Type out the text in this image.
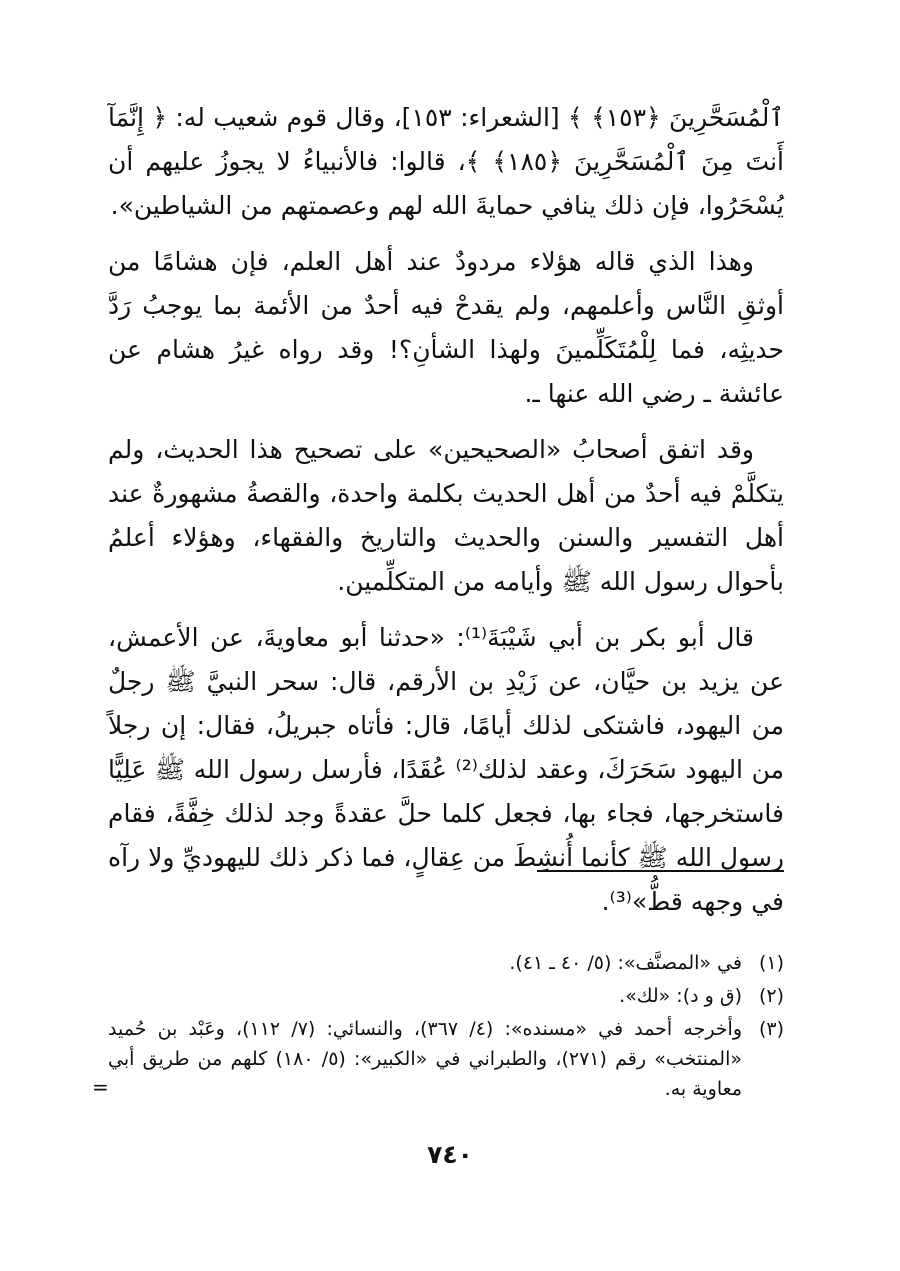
ٱلْمُسَحَّرِينَ ﴿١٥٣﴾ ﴾ [الشعراء: ١٥٣]، وقال قوم شعيب له: ﴿ إِنَّمَآ أَنتَ مِنَ ٱلْمُسَحَّرِينَ ﴿١٨٥﴾ ﴾، قالوا: فالأنبياءُ لا يجوزُ عليهم أن يُسْحَرُوا، فإن ذلك ينافي حمايةَ الله لهم وعصمتهم من الشياطين».

وهذا الذي قاله هؤلاء مردودٌ عند أهل العلم، فإن هشامًا من أوثقِ النَّاس وأعلمهم، ولم يقدحْ فيه أحدٌ من الأئمة بما يوجبُ رَدَّ حديثِه، فما لِلْمُتَكَلِّمينَ ولهذا الشأنِ؟! وقد رواه غيرُ هشام عن عائشة ـ رضي الله عنها ـ.

وقد اتفق أصحابُ «الصحيحين» على تصحيح هذا الحديث، ولم يتكلَّمْ فيه أحدٌ من أهل الحديث بكلمة واحدة، والقصةُ مشهورةٌ عند أهل التفسير والسنن والحديث والتاريخ والفقهاء، وهؤلاء أعلمُ بأحوال رسول الله ﷺ وأيامه من المتكلِّمين.

قال أبو بكر بن أبي شَيْبَةَ⁽¹⁾: «حدثنا أبو معاويةَ، عن الأعمش، عن يزيد بن حيَّان، عن زَيْدِ بن الأرقم، قال: سحر النبيَّ ﷺ رجلٌ من اليهود، فاشتكى لذلك أيامًا، قال: فأتاه جبريلُ، فقال: إن رجلاً من اليهود سَحَرَكَ، وعقد لذلك⁽²⁾ عُقَدًا، فأرسل رسول الله ﷺ عَلِيًّا فاستخرجها، فجاء بها، فجعل كلما حلَّ عقدةً وجد لذلك خِفَّةً، فقام رسول الله ﷺ كأنما أُنشِطَ من عِقالٍ، فما ذكر ذلك لليهوديِّ ولا رآه في وجهه قطُّ»⁽³⁾.

(١)
في «المصنَّف»: (٥/ ٤٠ ـ ٤١).
(٢)
(ق و د): «لك».
(٣)
وأخرجه أحمد في «مسنده»: (٤/ ٣٦٧)، والنسائي: (٧/ ١١٢)، وعَبْد بن حُميد «المنتخب» رقم (٢٧١)، والطبراني في «الكبير»: (٥/ ١٨٠) كلهم من طريق أبي معاوية به.
=
٧٤٠
